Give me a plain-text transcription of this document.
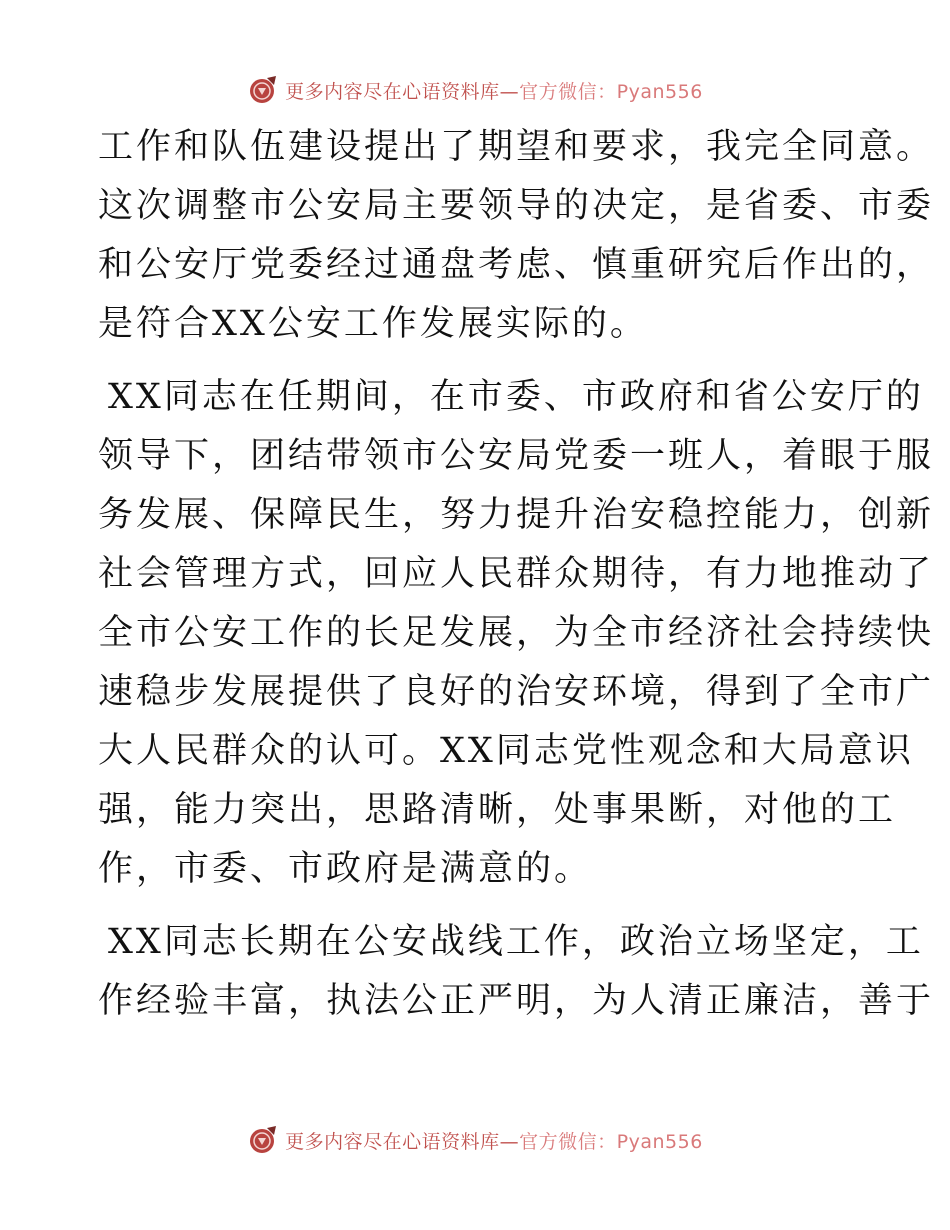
更多内容尽在心语资料库—官方微信：Pyan556

工作和队伍建设提出了期望和要求，我完全同意。
这次调整市公安局主要领导的决定，是省委、市委
和公安厅党委经过通盘考虑、慎重研究后作出的，
是符合XX公安工作发展实际的。

XX同志在任期间，在市委、市政府和省公安厅的
领导下，团结带领市公安局党委一班人，着眼于服
务发展、保障民生，努力提升治安稳控能力，创新
社会管理方式，回应人民群众期待，有力地推动了
全市公安工作的长足发展，为全市经济社会持续快
速稳步发展提供了良好的治安环境，得到了全市广
大人民群众的认可。XX同志党性观念和大局意识
强，能力突出，思路清晰，处事果断，对他的工
作，市委、市政府是满意的。

XX同志长期在公安战线工作，政治立场坚定，工
作经验丰富，执法公正严明，为人清正廉洁，善于

更多内容尽在心语资料库—官方微信：Pyan556
